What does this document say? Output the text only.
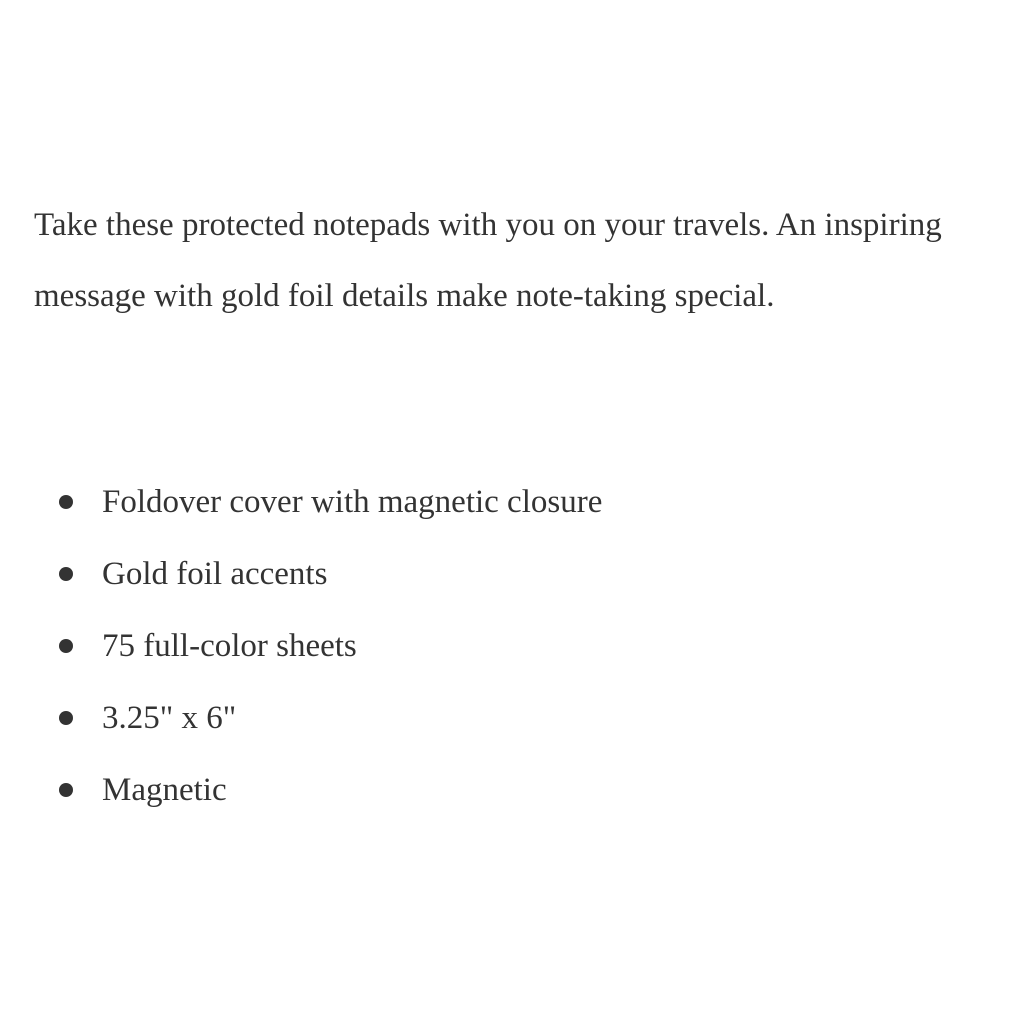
Take these protected notepads with you on your travels. An inspiring message with gold foil details make note-taking special.

Foldover cover with magnetic closure
Gold foil accents
75 full-color sheets
3.25" x 6"
Magnetic
